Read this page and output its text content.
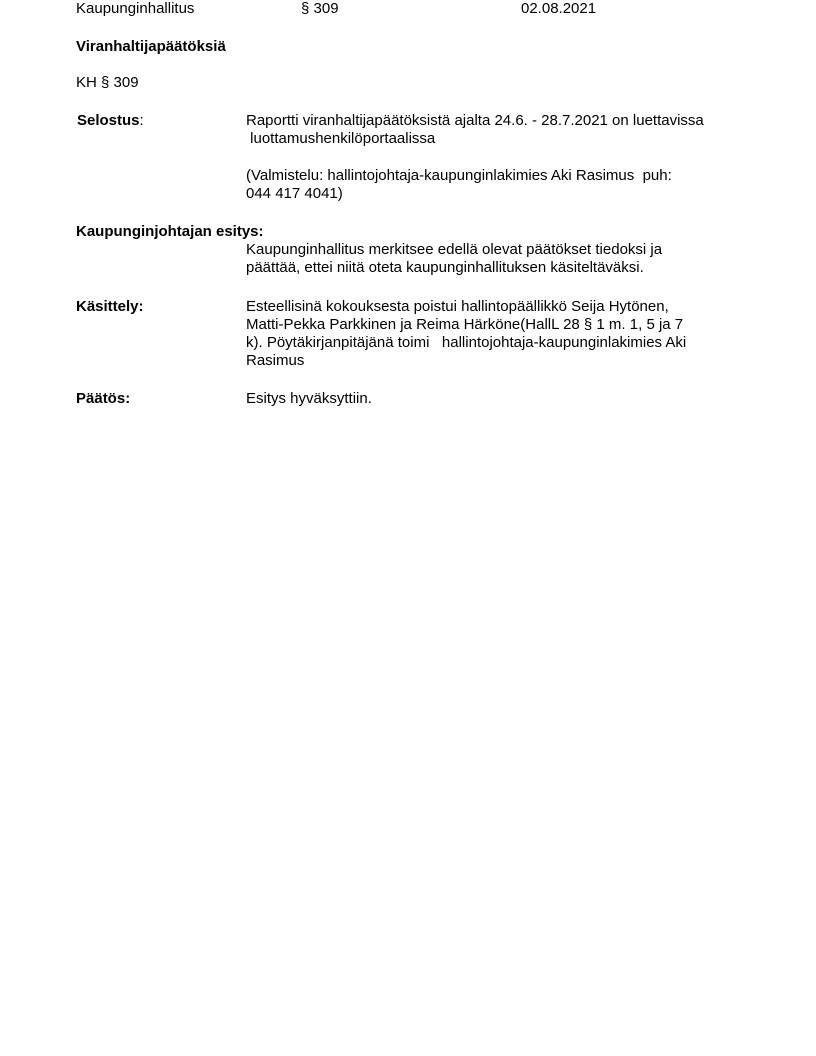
Kaupunginhallitus	§ 309	02.08.2021
Viranhaltijapäätöksiä
KH § 309
Selostus:	Raportti viranhaltijapäätöksistä ajalta 24.6. - 28.7.2021 on luettavissa

luottamushenkilöportaalissa

(Valmistelu: hallintojohtaja-kaupunginlakimies Aki Rasimus  puh:

044 417 4041)

Kaupunginjohtajan esitys:

Kaupunginhallitus merkitsee edellä olevat päätökset tiedoksi ja

päättää, ettei niitä oteta kaupunginhallituksen käsiteltäväksi.

Käsittely:	Esteellisinä kokouksesta poistui hallintopäällikkö Seija Hytönen,

Matti-Pekka Parkkinen ja Reima Härköne(HallL 28 § 1 m. 1, 5 ja 7

k). Pöytäkirjanpitäjänä toimi   hallintojohtaja-kaupunginlakimies Aki

Rasimus

Päätös:	Esitys hyväksyttiin.
